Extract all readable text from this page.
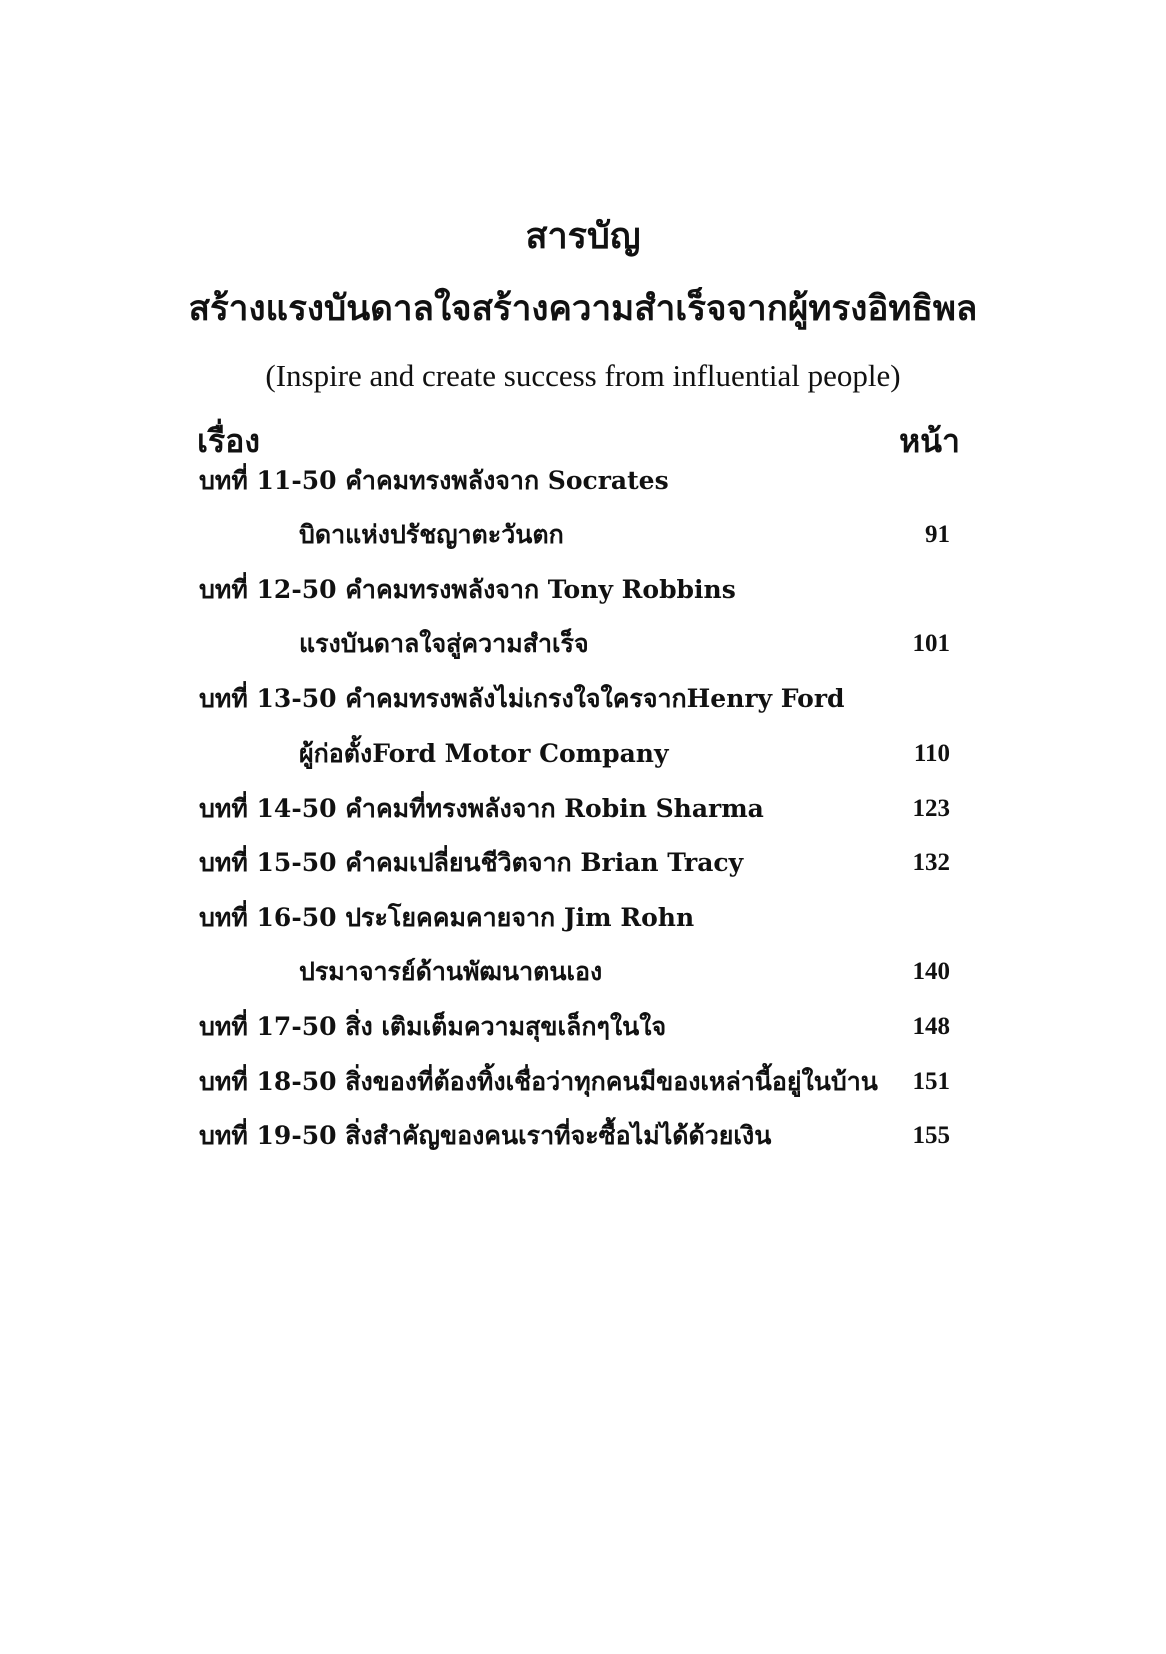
สารบัญ
สร้างแรงบันดาลใจสร้างความสำเร็จจากผู้ทรงอิทธิพล
(Inspire and create success from influential people)
เรื่อง	หน้า
บทที่ 11-50 คำคมทรงพลังจาก Socrates
บิดาแห่งปรัชญาตะวันตก	91
บทที่ 12-50 คำคมทรงพลังจาก Tony Robbins
แรงบันดาลใจสู่ความสำเร็จ	101
บทที่ 13-50 คำคมทรงพลังไม่เกรงใจใครจากHenry Ford
ผู้ก่อตั้งFord Motor Company	110
บทที่ 14-50 คำคมที่ทรงพลังจาก Robin Sharma	123
บทที่ 15-50 คำคมเปลี่ยนชีวิตจาก Brian Tracy	132
บทที่ 16-50 ประโยคคมคายจาก Jim Rohn
ปรมาจารย์ด้านพัฒนาตนเอง	140
บทที่ 17-50 สิ่ง เติมเต็มความสุขเล็กๆในใจ	148
บทที่ 18-50 สิ่งของที่ต้องทิ้งเชื่อว่าทุกคนมีของเหล่านี้อยู่ในบ้าน 151
บทที่ 19-50 สิ่งสำคัญของคนเราที่จะซื้อไม่ได้ด้วยเงิน	155
